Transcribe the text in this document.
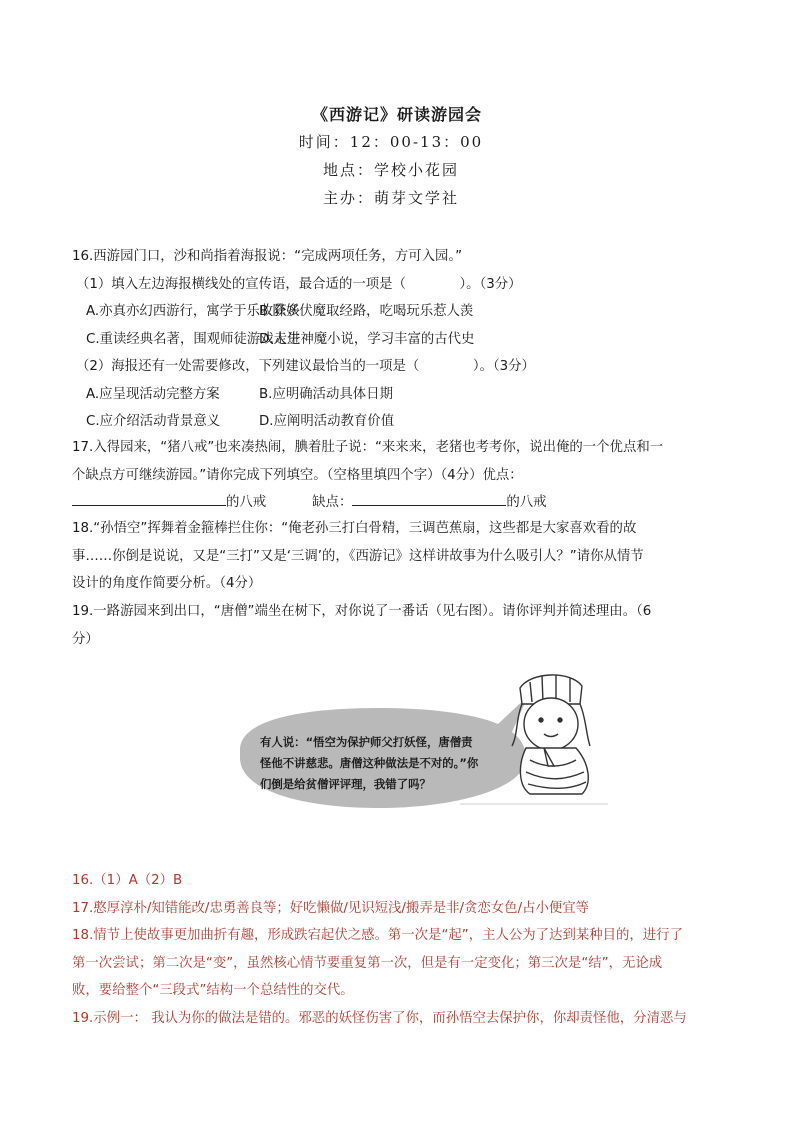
《西游记》研读游园会
时间：12：00-13：00
地点：学校小花园
主办：萌芽文学社

16.西游园门口，沙和尚指着海报说：“完成两项任务，方可入园。”

（1）填入左边海报横线处的宣传语，最合适的一项是（　　　　）。（3分）

A.亦真亦幻西游行，寓学于乐收获多B.降妖伏魔取经路，吃喝玩乐惹人羡

C.重读经典名著，围观师徒游戏人生D.走进神魔小说，学习丰富的古代史

（2）海报还有一处需要修改，下列建议最恰当的一项是（　　　　）。（3分）

A.应呈现活动完整方案	B.应明确活动具体日期

C.应介绍活动背景意义	D.应阐明活动教育价值

17.入得园来，“猪八戒”也来凑热闹，腆着肚子说：“来来来，老猪也考考你，说出俺的一个优点和一

个缺点方可继续游园。”请你完成下列填空。（空格里填四个字）（4分）优点：

的八戒	缺点：	的八戒

18.“孙悟空”挥舞着金箍棒拦住你：“俺老孙三打白骨精，三调芭蕉扇，这些都是大家喜欢看的故

事……你倒是说说，又是“三打”又是‘三调’的，《西游记》这样讲故事为什么吸引人？”请你从情节

设计的角度作简要分析。（4分）

19.一路游园来到出口，“唐僧”端坐在树下，对你说了一番话（见右图）。请你评判并简述理由。（6

分）

有人说：“悟空为保护师父打妖怪，唐僧责
怪他不讲慈悲。唐僧这种做法是不对的。”你
们倒是给贫僧评评理，我错了吗？

16.（1）A（2）B

17.憨厚淳朴/知错能改/忠勇善良等；好吃懒做/见识短浅/搬弄是非/贪恋女色/占小便宜等

18.情节上使故事更加曲折有趣，形成跌宕起伏之感。第一次是“起”，主人公为了达到某种目的，进行了

第一次尝试；第二次是“变”，虽然核心情节要重复第一次，但是有一定变化；第三次是“结”，无论成

败，要给整个“三段式”结构一个总结性的交代。

19.示例一： 我认为你的做法是错的。邪恶的妖怪伤害了你，而孙悟空去保护你，你却责怪他，分清恶与
